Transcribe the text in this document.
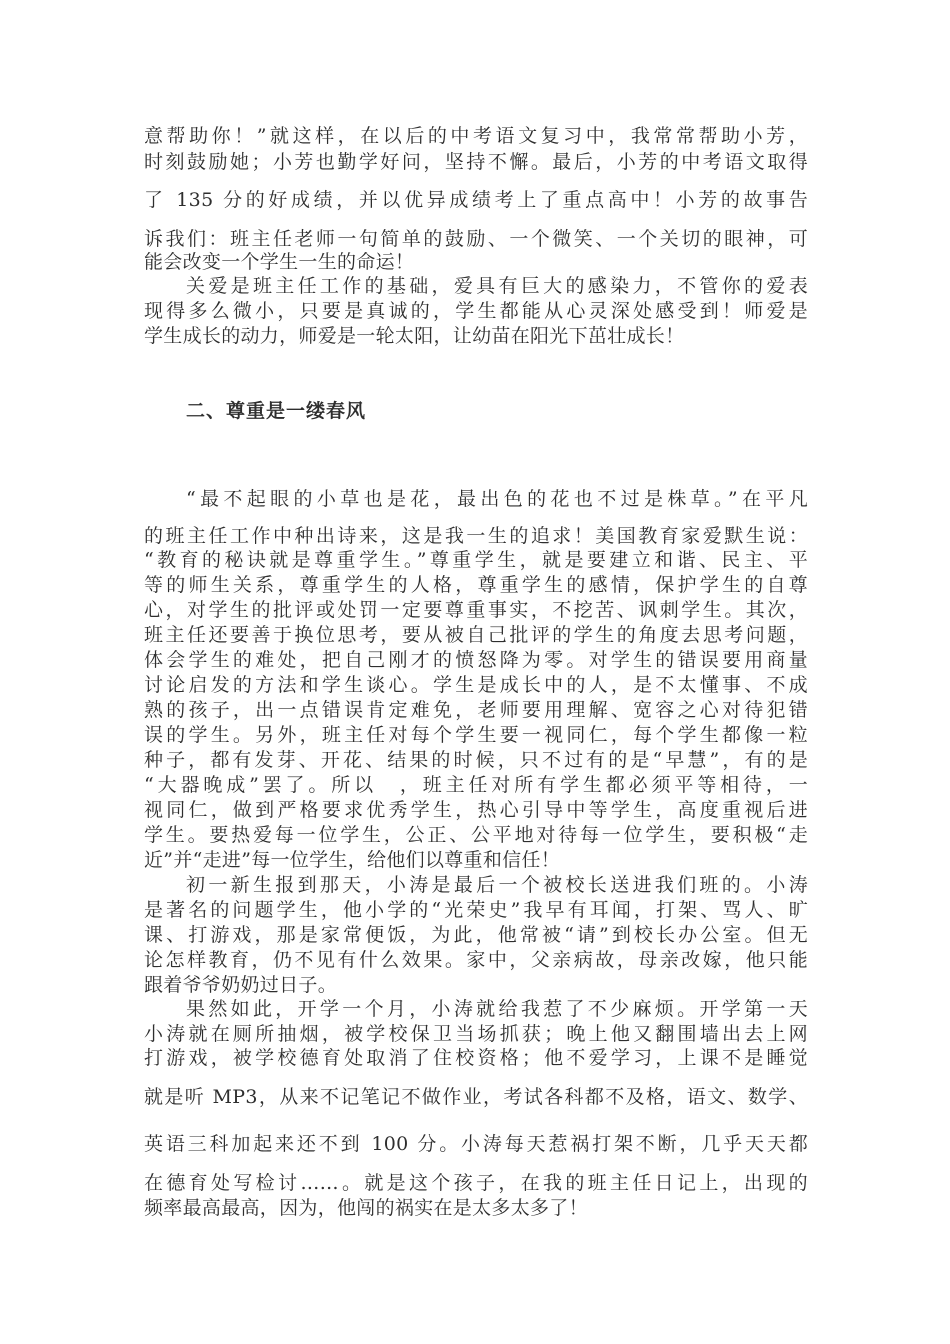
意帮助你！”就这样，在以后的中考语文复习中，我常常帮助小芳，
时刻鼓励她；小芳也勤学好问，坚持不懈。最后，小芳的中考语文取得
了 135 分的好成绩，并以优异成绩考上了重点高中！小芳的故事告
诉我们：班主任老师一句简单的鼓励、一个微笑、一个关切的眼神，可
能会改变一个学生一生的命运！
关爱是班主任工作的基础，爱具有巨大的感染力，不管你的爱表
现得多么微小，只要是真诚的，学生都能从心灵深处感受到！师爱是
学生成长的动力，师爱是一轮太阳，让幼苗在阳光下茁壮成长！
二、尊重是一缕春风
“最不起眼的小草也是花，最出色的花也不过是株草。”在平凡
的班主任工作中种出诗来，这是我一生的追求！美国教育家爱默生说：
“教育的秘诀就是尊重学生。”尊重学生，就是要建立和谐、民主、平
等的师生关系，尊重学生的人格，尊重学生的感情，保护学生的自尊
心，对学生的批评或处罚一定要尊重事实，不挖苦、讽刺学生。其次，
班主任还要善于换位思考，要从被自己批评的学生的角度去思考问题，
体会学生的难处，把自己刚才的愤怒降为零。对学生的错误要用商量
讨论启发的方法和学生谈心。学生是成长中的人，是不太懂事、不成
熟的孩子，出一点错误肯定难免，老师要用理解、宽容之心对待犯错
误的学生。另外，班主任对每个学生要一视同仁，每个学生都像一粒
种子，都有发芽、开花、结果的时候，只不过有的是“早慧”，有的是
“大器晚成”罢了。所以　，班主任对所有学生都必须平等相待，一
视同仁，做到严格要求优秀学生，热心引导中等学生，高度重视后进
学生。要热爱每一位学生，公正、公平地对待每一位学生，要积极“走
近”并“走进”每一位学生，给他们以尊重和信任！
初一新生报到那天，小涛是最后一个被校长送进我们班的。小涛
是著名的问题学生，他小学的“光荣史”我早有耳闻，打架、骂人、旷
课、打游戏，那是家常便饭，为此，他常被“请”到校长办公室。但无
论怎样教育，仍不见有什么效果。家中，父亲病故，母亲改嫁，他只能
跟着爷爷奶奶过日子。
果然如此，开学一个月，小涛就给我惹了不少麻烦。开学第一天
小涛就在厕所抽烟，被学校保卫当场抓获；晚上他又翻围墙出去上网
打游戏，被学校德育处取消了住校资格；他不爱学习，上课不是睡觉
就是听 MP3，从来不记笔记不做作业，考试各科都不及格，语文、数学、
英语三科加起来还不到 100 分。小涛每天惹祸打架不断，几乎天天都
在德育处写检讨……。就是这个孩子，在我的班主任日记上，出现的
频率最高最高，因为，他闯的祸实在是太多太多了！
